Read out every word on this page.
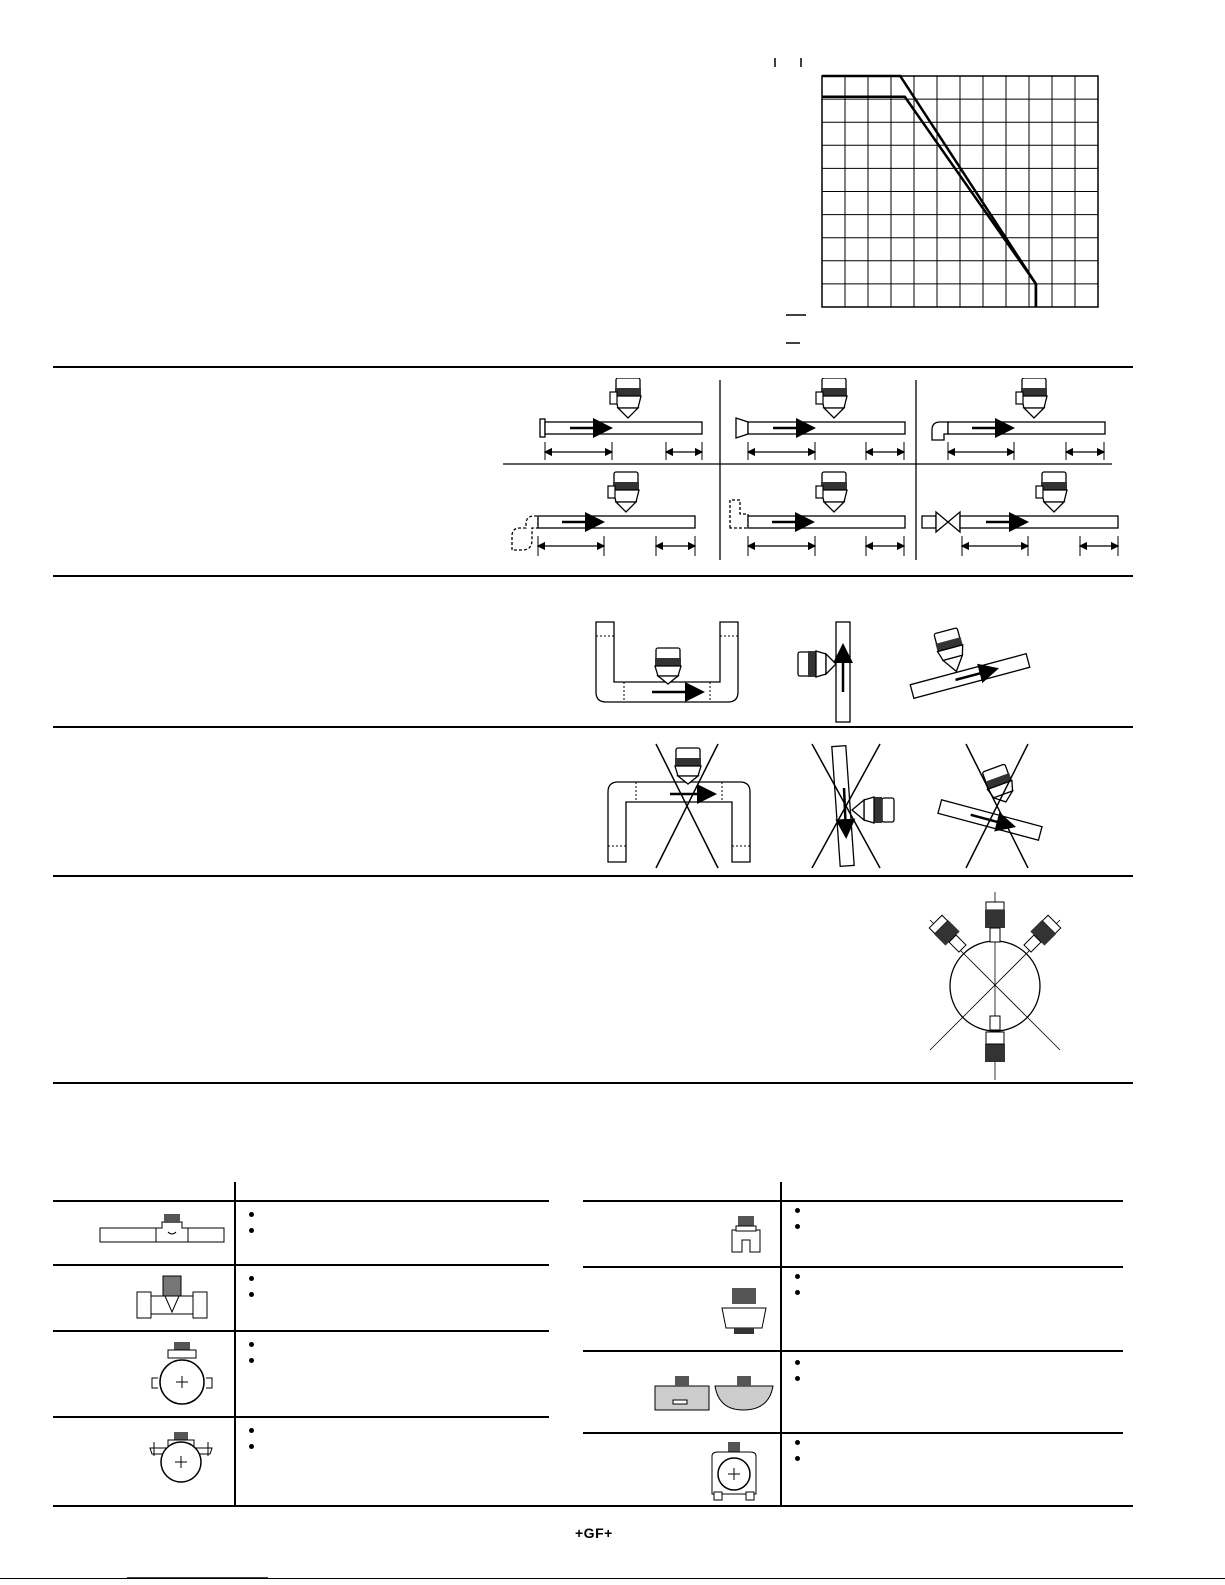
+GF+
